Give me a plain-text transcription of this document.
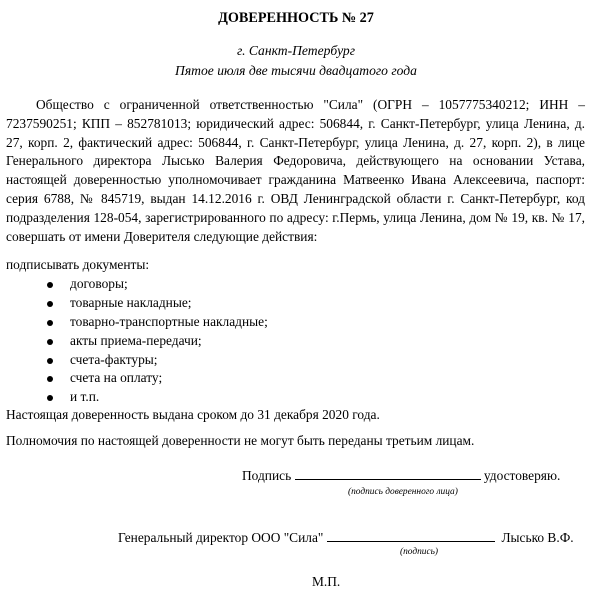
ДОВЕРЕННОСТЬ № 27
г. Санкт-Петербург
Пятое июля две тысячи двадцатого года
Общество с ограниченной ответственностью "Сила" (ОГРН – 1057775340212; ИНН – 7237590251; КПП – 852781013; юридический адрес: 506844, г. Санкт-Петербург, улица Ленина, д. 27, корп. 2, фактический адрес: 506844, г. Санкт-Петербург, улица Ленина, д. 27, корп. 2), в лице Генерального директора Лысько Валерия Федоровича, действующего на основании Устава, настоящей доверенностью уполномочивает гражданина Матвеенко Ивана Алексеевича, паспорт: серия 6788, № 845719, выдан 14.12.2016 г. ОВД Ленинградской области г. Санкт-Петербург, код подразделения 128-054, зарегистрированного по адресу: г.Пермь, улица Ленина, дом № 19, кв. № 17, совершать от имени Доверителя следующие действия:
подписывать документы:
договоры;
товарные накладные;
товарно-транспортные накладные;
акты приема-передачи;
счета-фактуры;
счета на оплату;
и т.п.
Настоящая доверенность выдана сроком до 31 декабря 2020 года.
Полномочия по настоящей доверенности не могут быть переданы третьим лицам.
Подпись	удостоверяю.
(подпись доверенного лица)
Генеральный директор ООО "Сила"	Лысько В.Ф.
(подпись)
М.П.
